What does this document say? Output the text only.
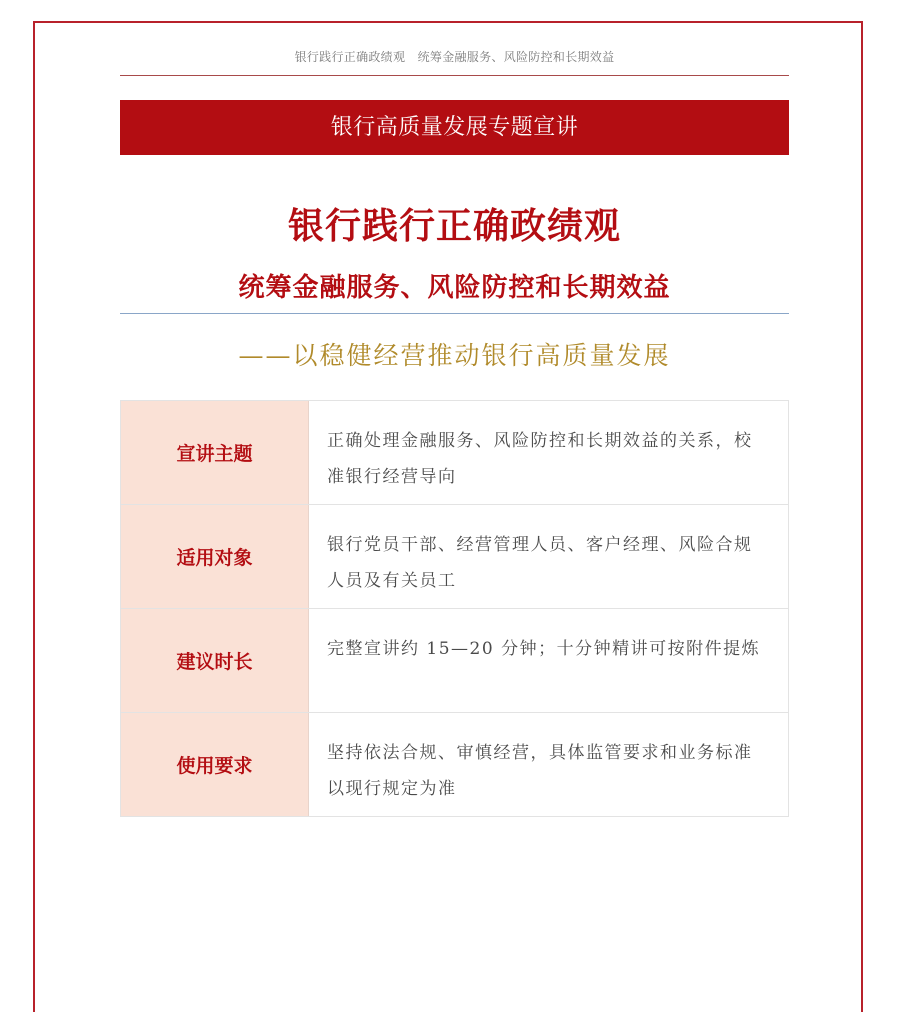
银行践行正确政绩观   统筹金融服务、风险防控和长期效益
银行高质量发展专题宣讲
银行践行正确政绩观
统筹金融服务、风险防控和长期效益
——以稳健经营推动银行高质量发展
宣讲主题
正确处理金融服务、风险防控和长期效益的关系，校准银行经营导向
适用对象
银行党员干部、经营管理人员、客户经理、风险合规人员及有关员工
建议时长
完整宣讲约 15—20 分钟；十分钟精讲可按附件提炼
使用要求
坚持依法合规、审慎经营，具体监管要求和业务标准以现行规定为准
